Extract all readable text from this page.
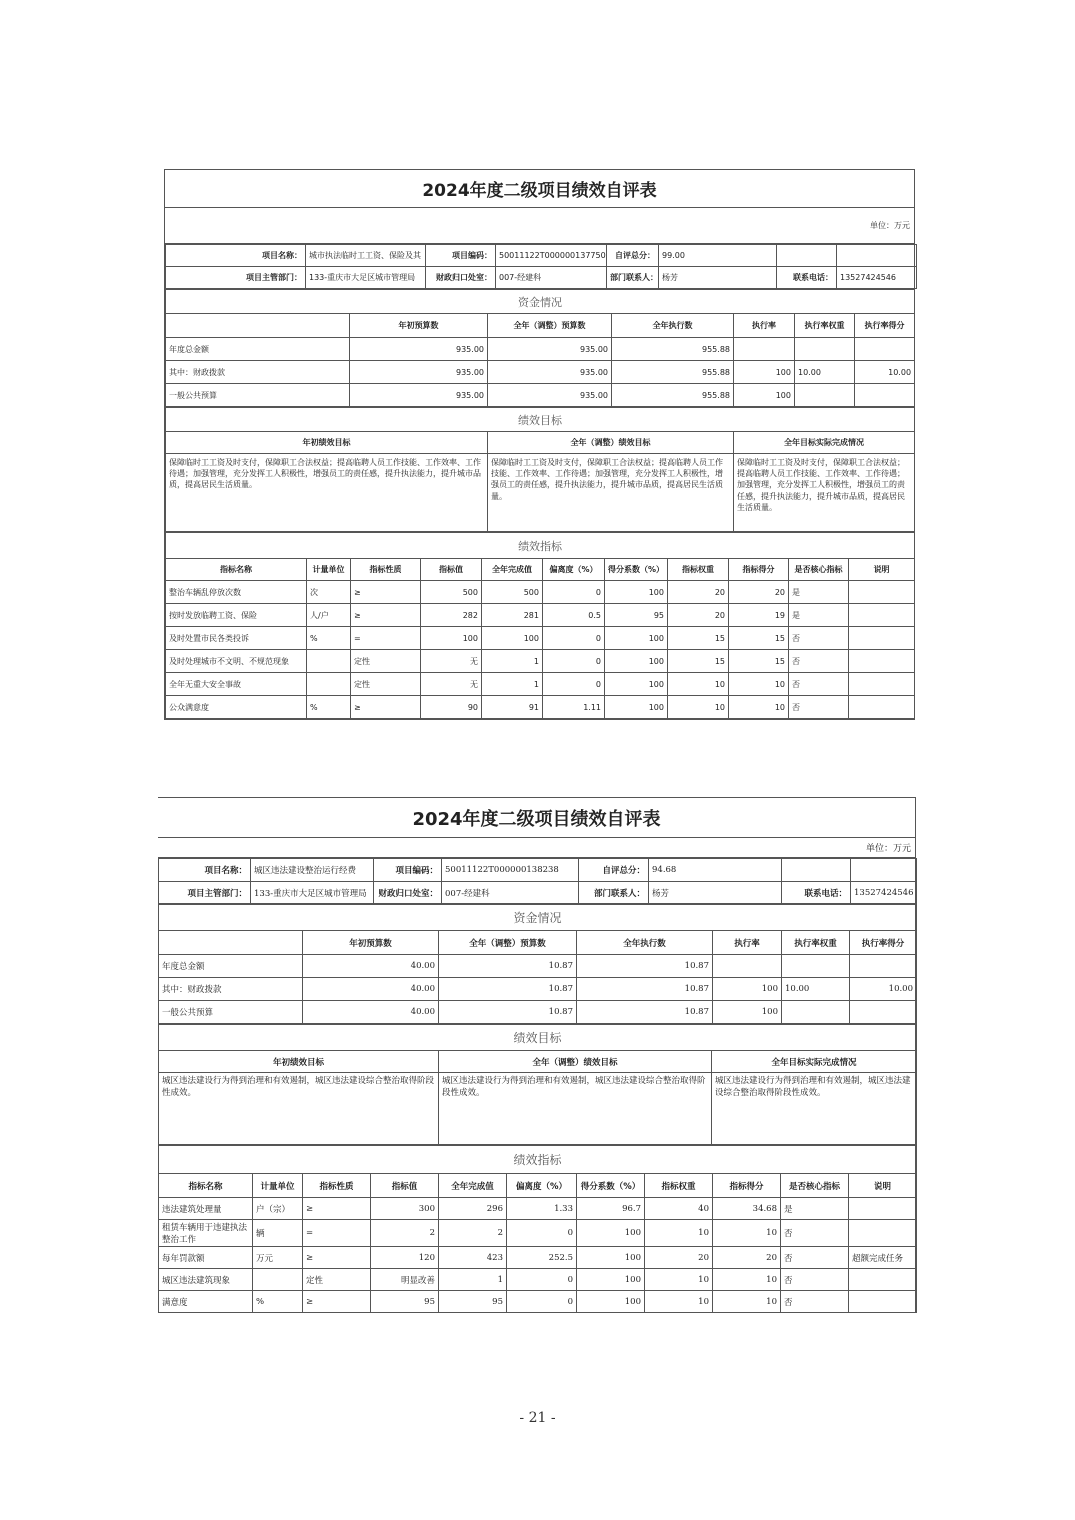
2024年度二级项目绩效自评表
单位：万元
项目名称：	城市执法临时工工资、保险及其	项目编码：	50011122T000000137750	自评总分：	99.00		
项目主管部门：	133-重庆市大足区城市管理局	财政归口处室：	007-经建科	部门联系人：	杨芳	联系电话：	13527424546
资金情况						
	年初预算数	全年（调整）预算数	全年执行数	执行率	执行率权重	执行率得分
年度总金额	935.00	935.00	955.88			
其中：财政拨款	935.00	935.00	955.88	100	10.00	10.00
一般公共预算	935.00	935.00	955.88	100		
绩效目标		
年初绩效目标	全年（调整）绩效目标	全年目标实际完成情况
保障临时工工资及时支付，保障职工合法权益；提高临聘人员工作技能、工作效率、工作待遇；加强管理，充分发挥工人积极性，增强员工的责任感，提升执法能力，提升城市品质，提高居民生活质量。	保障临时工工资及时支付，保障职工合法权益；提高临聘人员工作技能、工作效率、工作待遇；加强管理，充分发挥工人积极性，增强员工的责任感，提升执法能力，提升城市品质，提高居民生活质量。	保障临时工工资及时支付，保障职工合法权益；提高临聘人员工作技能、工作效率、工作待遇；加强管理，充分发挥工人积极性，增强员工的责任感，提升执法能力，提升城市品质，提高居民生活质量。
绩效指标										
指标名称	计量单位	指标性质	指标值	全年完成值	偏离度（%）	得分系数（%）	指标权重	指标得分	是否核心指标	说明
整治车辆乱停放次数	次	≥	500	500	0	100	20	20	是	
按时发放临聘工资、保险	人/户	≥	282	281	0.5	95	20	19	是	
及时处置市民各类投诉	%	=	100	100	0	100	15	15	否	
及时处理城市不文明、不规范现象		定性	无	1	0	100	15	15	否	
全年无重大安全事故		定性	无	1	0	100	10	10	否	
公众满意度	%	≥	90	91	1.11	100	10	10	否	
2024年度二级项目绩效自评表
单位：万元
项目名称：	城区违法建设整治运行经费	项目编码：	50011122T000000138238	自评总分：	94.68		
项目主管部门：	133-重庆市大足区城市管理局	财政归口处室：	007-经建科	部门联系人：	杨芳	联系电话：	13527424546
资金情况						
	年初预算数	全年（调整）预算数	全年执行数	执行率	执行率权重	执行率得分
年度总金额	40.00	10.87	10.87			
其中：财政拨款	40.00	10.87	10.87	100	10.00	10.00
一般公共预算	40.00	10.87	10.87	100		
绩效目标		
年初绩效目标	全年（调整）绩效目标	全年目标实际完成情况
城区违法建设行为得到治理和有效遏制，城区违法建设综合整治取得阶段性成效。	城区违法建设行为得到治理和有效遏制，城区违法建设综合整治取得阶段性成效。	城区违法建设行为得到治理和有效遏制，城区违法建设综合整治取得阶段性成效。
绩效指标										
指标名称	计量单位	指标性质	指标值	全年完成值	偏离度（%）	得分系数（%）	指标权重	指标得分	是否核心指标	说明
违法建筑处理量	户（宗）	≥	300	296	1.33	96.7	40	34.68	是	
租赁车辆用于违建执法整治工作	辆	=	2	2	0	100	10	10	否	
每年罚款额	万元	≥	120	423	252.5	100	20	20	否	超额完成任务
城区违法建筑现象		定性	明显改善	1	0	100	10	10	否	
满意度	%	≥	95	95	0	100	10	10	否	
- 21 -
